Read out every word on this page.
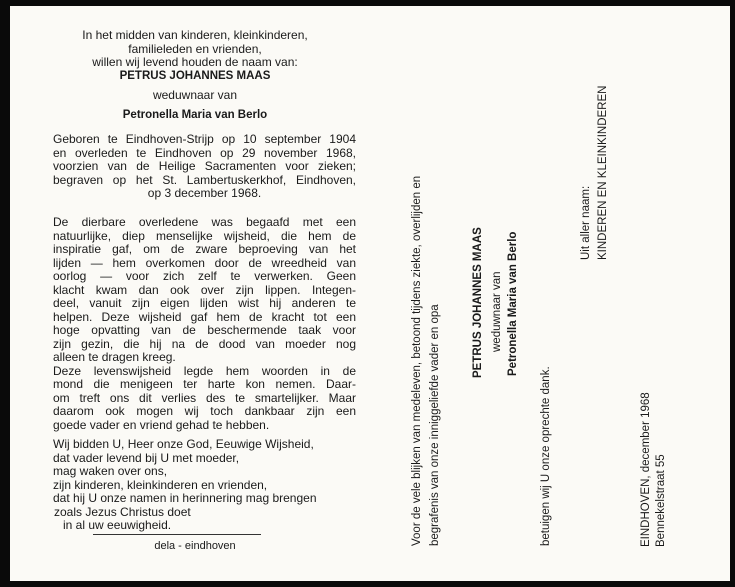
In het midden van kinderen, kleinkinderen,
familieleden en vrienden,
willen wij levend houden de naam van:
PETRUS JOHANNES MAAS
weduwnaar van
Petronella Maria van Berlo
Geboren te Eindhoven-Strijp op 10 september 1904
en overleden te Eindhoven op 29 november 1968,
voorzien van de Heilige Sacramenten voor zieken;
begraven op het St. Lambertuskerkhof, Eindhoven,
op 3 december 1968.
De dierbare overledene was begaafd met een
natuurlijke, diep menselijke wijsheid, die hem de
inspiratie gaf, om de zware beproeving van het
lijden — hem overkomen door de wreedheid van
oorlog — voor zich zelf te verwerken. Geen
klacht kwam dan ook over zijn lippen. Integen-
deel, vanuit zijn eigen lijden wist hij anderen te
helpen. Deze wijsheid gaf hem de kracht tot een
hoge opvatting van de beschermende taak voor
zijn gezin, die hij na de dood van moeder nog
alleen te dragen kreeg.
Deze levenswijsheid legde hem woorden in de
mond die menigeen ter harte kon nemen. Daar-
om treft ons dit verlies des te smartelijker. Maar
daarom ook mogen wij toch dankbaar zijn een
goede vader en vriend gehad te hebben.
Wij bidden U, Heer onze God, Eeuwige Wijsheid,
dat vader levend bij U met moeder,
mag waken over ons,
zijn kinderen, kleinkinderen en vrienden,
dat hij U onze namen in herinnering mag brengen
zoals Jezus Christus doet
in al uw eeuwigheid.
dela - eindhoven	Voor de vele blijken van medeleven, betoond tijdens ziekte, overlijden en begrafenis van onze inniggeliefde vader en opa
PETRUS JOHANNES MAAS weduwnaar van Petronella Maria van Berlo
betuigen wij U onze oprechte dank.
Uit aller naam: KINDEREN EN KLEINKINDEREN
EINDHOVEN, december 1968 Bennekelstraat 55
